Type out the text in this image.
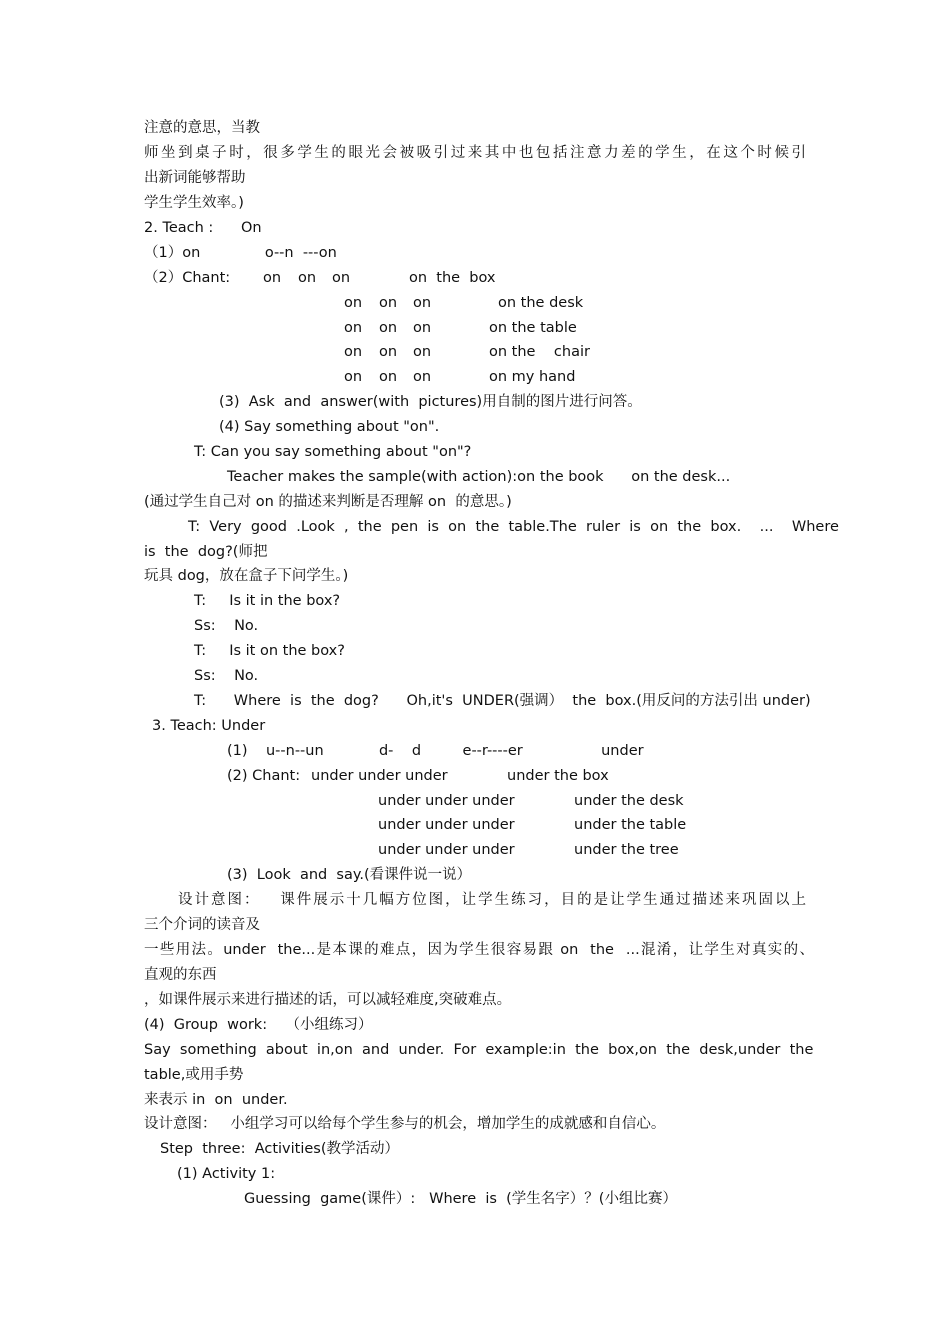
注意的意思，当教
师坐到桌子时，很多学生的眼光会被吸引过来其中也包括注意力差的学生，在这个时候引
出新词能够帮助
学生学生效率。)
2. Teach :      On
（1）on              o--n  ---on
（2）Chant: on on on	on  the  box
on on on	on the desk
on on on	on the table
on on on	on the    chair
on on on	on my hand
(3)  Ask  and  answer(with  pictures)用自制的图片进行问答。
(4) Say something about "on".
T: Can you say something about "on"?
Teacher makes the sample(with action):on the book      on the desk...
(通过学生自己对 on 的描述来判断是否理解 on  的意思。)
T:  Very  good  .Look  ,  the  pen  is  on  the  table.The  ruler  is  on  the  box.    ...    Where
is  the  dog?(师把
玩具 dog，放在盒子下问学生。)
T:     Is it in the box?
Ss:    No.
T:     Is it on the box?
Ss:    No.
T:      Where  is  the  dog?      Oh,it's  UNDER(强调）  the  box.(用反问的方法引出 under)
3. Teach: Under
(1)    u--n--un            d-    d         e--r----er                 under
(2) Chant: under under under	under the box
under under under	under the desk
under under under	under the table
under under under	under the tree
(3)  Look  and  say.(看课件说一说）
设计意图：   课件展示十几幅方位图，让学生练习，目的是让学生通过描述来巩固以上
三个介词的读音及
一些用法。under  the...是本课的难点，因为学生很容易跟 on  the  ...混淆，让学生对真实的、
直观的东西
，如课件展示来进行描述的话，可以减轻难度,突破难点。
(4)  Group  work:    （小组练习）
Say  something  about  in,on  and  under.  For  example:in  the  box,on  the  desk,under  the
table,或用手势
来表示 in  on  under.
设计意图：   小组学习可以给每个学生参与的机会，增加学生的成就感和自信心。
Step  three:  Activities(教学活动）
(1) Activity 1:
Guessing  game(课件）:   Where  is  (学生名字）？(小组比赛）
